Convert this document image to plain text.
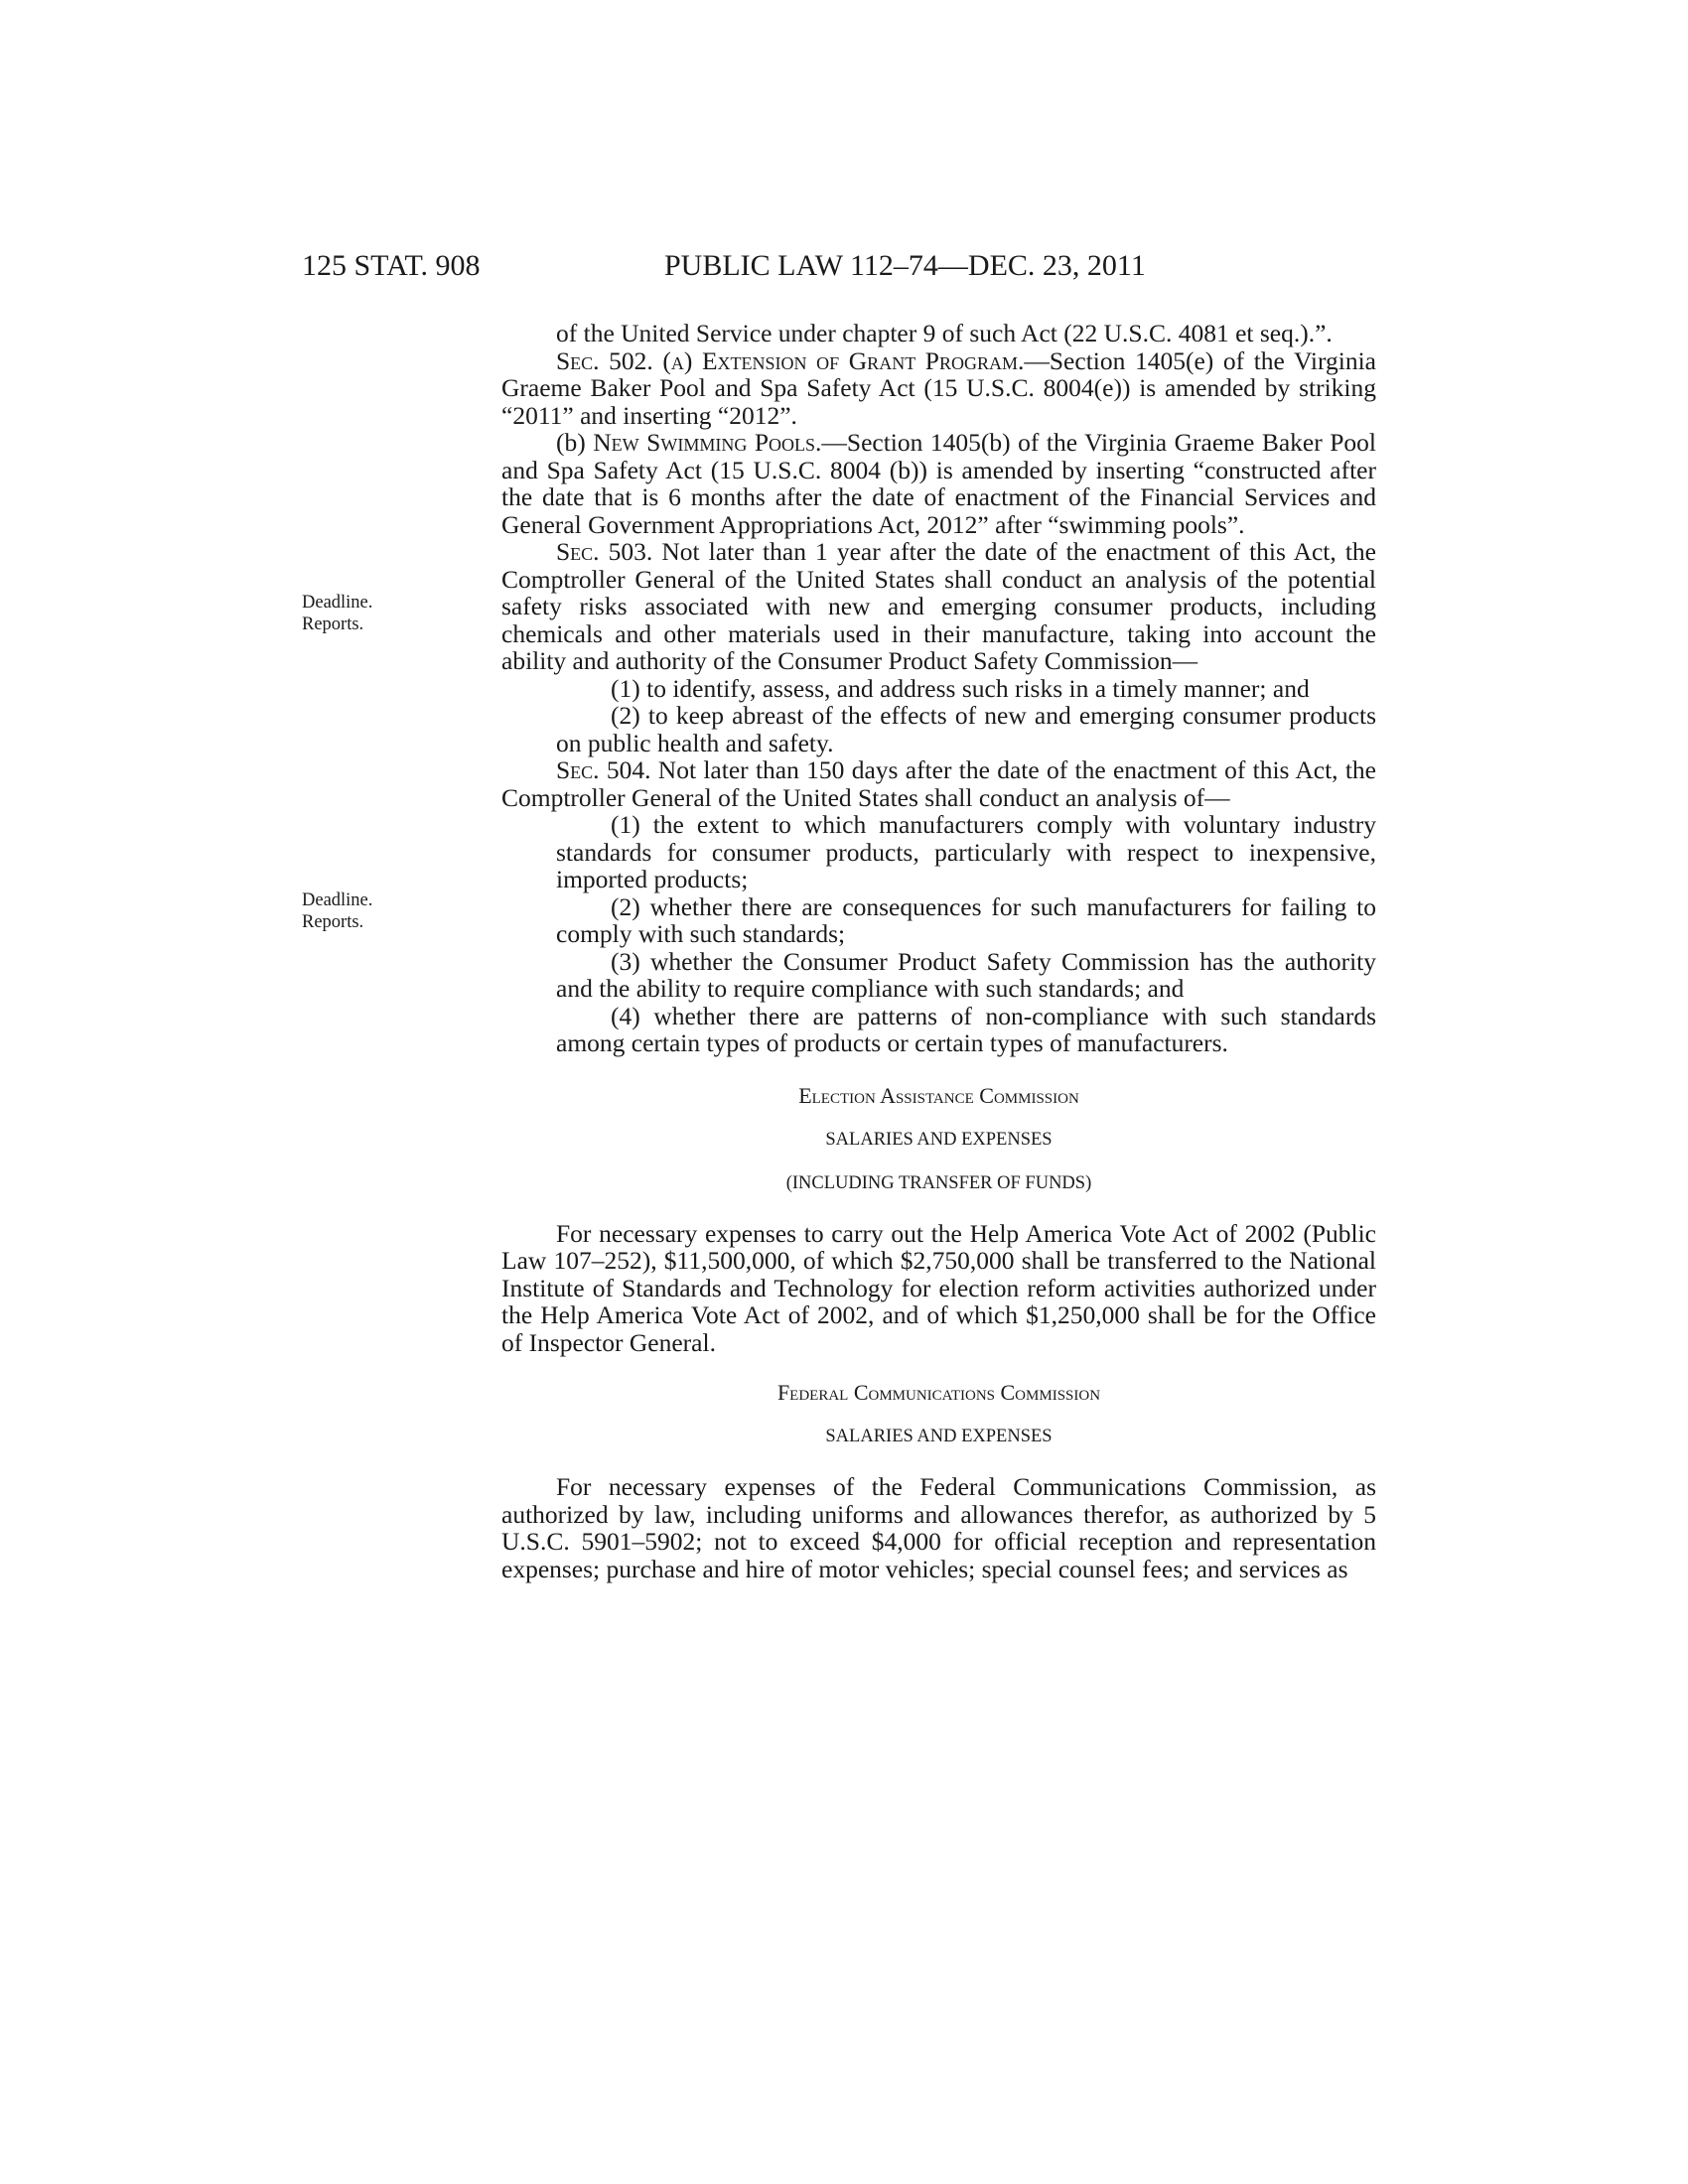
125 STAT. 908	PUBLIC LAW 112–74—DEC. 23, 2011
Deadline.
Reports.
Deadline.
Reports.

of the United Service under chapter 9 of such Act (22 U.S.C. 4081 et seq.).”.

Sec. 502. (a) Extension of Grant Program.—Section 1405(e) of the Virginia Graeme Baker Pool and Spa Safety Act (15 U.S.C. 8004(e)) is amended by striking “2011” and inserting “2012”.

(b) New Swimming Pools.—Section 1405(b) of the Virginia Graeme Baker Pool and Spa Safety Act (15 U.S.C. 8004 (b)) is amended by inserting “constructed after the date that is 6 months after the date of enactment of the Financial Services and General Government Appropriations Act, 2012” after “swimming pools”.

Sec. 503. Not later than 1 year after the date of the enactment of this Act, the Comptroller General of the United States shall conduct an analysis of the potential safety risks associated with new and emerging consumer products, including chemicals and other materials used in their manufacture, taking into account the ability and authority of the Consumer Product Safety Commission—

(1) to identify, assess, and address such risks in a timely manner; and

(2) to keep abreast of the effects of new and emerging consumer products on public health and safety.

Sec. 504. Not later than 150 days after the date of the enactment of this Act, the Comptroller General of the United States shall conduct an analysis of—

(1) the extent to which manufacturers comply with voluntary industry standards for consumer products, particularly with respect to inexpensive, imported products;

(2) whether there are consequences for such manufacturers for failing to comply with such standards;

(3) whether the Consumer Product Safety Commission has the authority and the ability to require compliance with such standards; and

(4) whether there are patterns of non-compliance with such standards among certain types of products or certain types of manufacturers.

Election Assistance Commission

SALARIES AND EXPENSES

(INCLUDING TRANSFER OF FUNDS)

For necessary expenses to carry out the Help America Vote Act of 2002 (Public Law 107–252), $11,500,000, of which $2,750,000 shall be transferred to the National Institute of Standards and Technology for election reform activities authorized under the Help America Vote Act of 2002, and of which $1,250,000 shall be for the Office of Inspector General.

Federal Communications Commission

SALARIES AND EXPENSES

For necessary expenses of the Federal Communications Commission, as authorized by law, including uniforms and allowances therefor, as authorized by 5 U.S.C. 5901–5902; not to exceed $4,000 for official reception and representation expenses; purchase and hire of motor vehicles; special counsel fees; and services as
